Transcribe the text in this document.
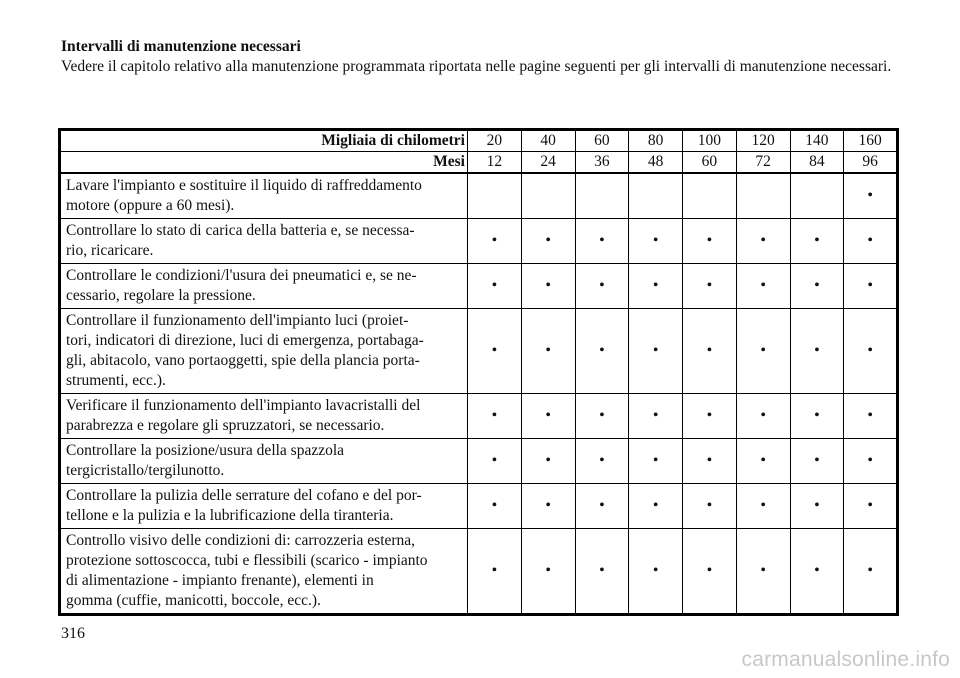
Intervalli di manutenzione necessari
Vedere il capitolo relativo alla manutenzione programmata riportata nelle pagine seguenti per gli intervalli di manutenzione necessari.
Migliaia di chilometri	20	40	60	80	100	120	140	160
Mesi	12	24	36	48	60	72	84	96

Lavare l'impianto e sostituire il liquido di raffreddamento
motore (oppure a 60 mesi).								•

Controllare lo stato di carica della batteria e, se necessa-
rio, ricaricare.	•	•	•	•	•	•	•	•

Controllare le condizioni/l'usura dei pneumatici e, se ne-
cessario, regolare la pressione.	•	•	•	•	•	•	•	•

Controllare il funzionamento dell'impianto luci (proiet-
tori, indicatori di direzione, luci di emergenza, portabaga-
gli, abitacolo, vano portaoggetti, spie della plancia porta-
strumenti, ecc.).	•	•	•	•	•	•	•	•

Verificare il funzionamento dell'impianto lavacristalli del
parabrezza e regolare gli spruzzatori, se necessario.	•	•	•	•	•	•	•	•

Controllare la posizione/usura della spazzola
tergicristallo/tergilunotto.	•	•	•	•	•	•	•	•

Controllare la pulizia delle serrature del cofano e del por-
tellone e la pulizia e la lubrificazione della tiranteria.	•	•	•	•	•	•	•	•

Controllo visivo delle condizioni di: carrozzeria esterna,
protezione sottoscocca, tubi e flessibili (scarico - impianto
di alimentazione - impianto frenante), elementi in
gomma (cuffie, manicotti, boccole, ecc.).	•	•	•	•	•	•	•	•
316
carmanualsonline.info
